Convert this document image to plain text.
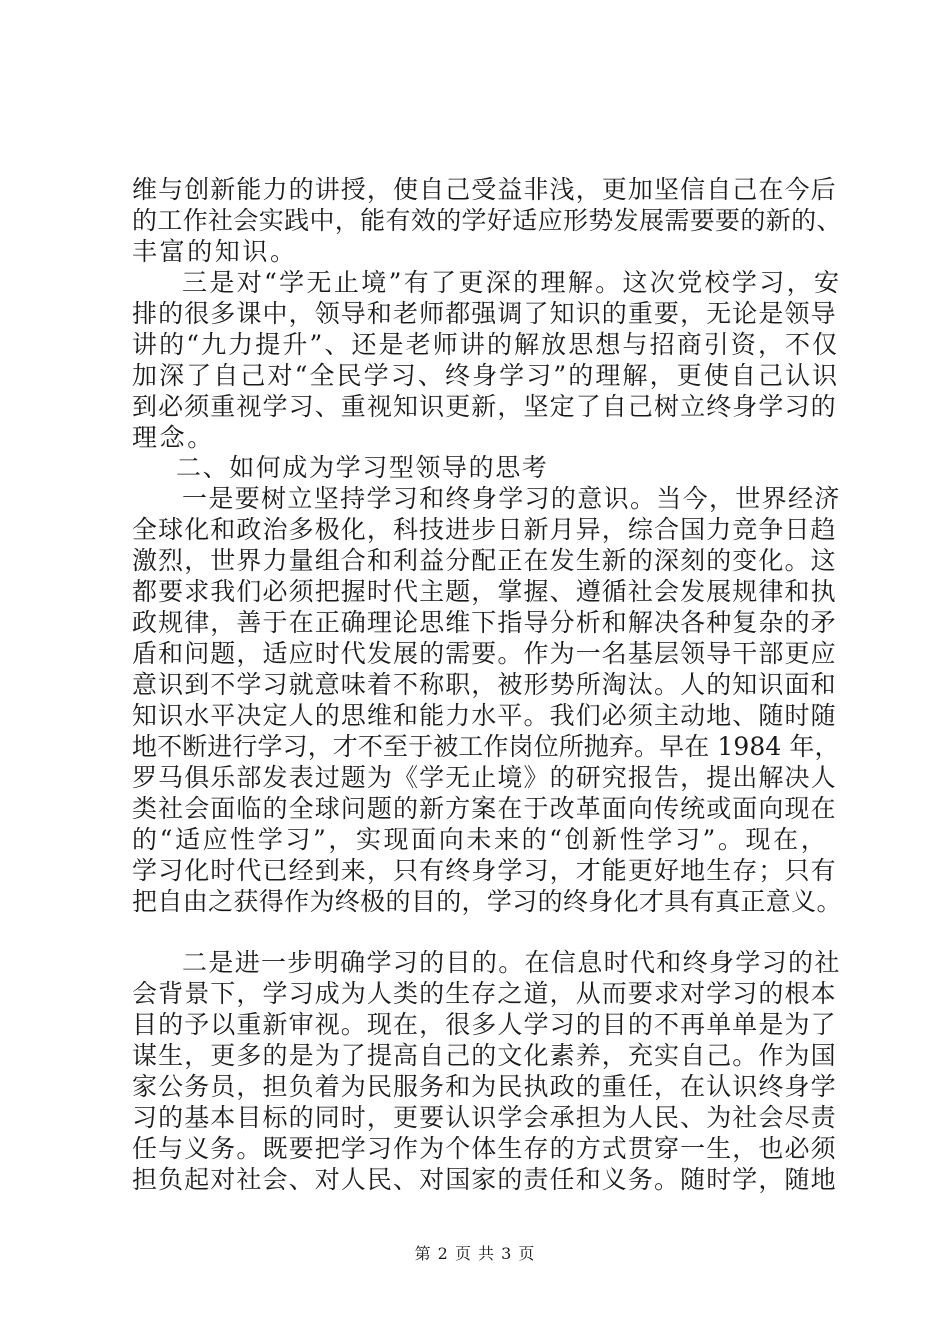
维与创新能力的讲授，使自己受益非浅，更加坚信自己在今后
的工作社会实践中，能有效的学好适应形势发展需要要的新的、
丰富的知识。
三是对“学无止境”有了更深的理解。这次党校学习，安
排的很多课中，领导和老师都强调了知识的重要，无论是领导
讲的“九力提升”、还是老师讲的解放思想与招商引资，不仅
加深了自己对“全民学习、终身学习”的理解，更使自己认识
到必须重视学习、重视知识更新，坚定了自己树立终身学习的
理念。
二、如何成为学习型领导的思考
一是要树立坚持学习和终身学习的意识。当今，世界经济
全球化和政治多极化，科技进步日新月异，综合国力竞争日趋
激烈，世界力量组合和利益分配正在发生新的深刻的变化。这
都要求我们必须把握时代主题，掌握、遵循社会发展规律和执
政规律，善于在正确理论思维下指导分析和解决各种复杂的矛
盾和问题，适应时代发展的需要。作为一名基层领导干部更应
意识到不学习就意味着不称职，被形势所淘汰。人的知识面和
知识水平决定人的思维和能力水平。我们必须主动地、随时随
地不断进行学习，才不至于被工作岗位所抛弃。早在 1984 年，
罗马俱乐部发表过题为《学无止境》的研究报告，提出解决人
类社会面临的全球问题的新方案在于改革面向传统或面向现在
的“适应性学习”，实现面向未来的“创新性学习”。现在，
学习化时代已经到来，只有终身学习，才能更好地生存；只有
把自由之获得作为终极的目的，学习的终身化才具有真正意义。
二是进一步明确学习的目的。在信息时代和终身学习的社
会背景下，学习成为人类的生存之道，从而要求对学习的根本
目的予以重新审视。现在，很多人学习的目的不再单单是为了
谋生，更多的是为了提高自己的文化素养，充实自己。作为国
家公务员，担负着为民服务和为民执政的重任，在认识终身学
习的基本目标的同时，更要认识学会承担为人民、为社会尽责
任与义务。既要把学习作为个体生存的方式贯穿一生，也必须
担负起对社会、对人民、对国家的责任和义务。随时学，随地
第 2 页 共 3 页
